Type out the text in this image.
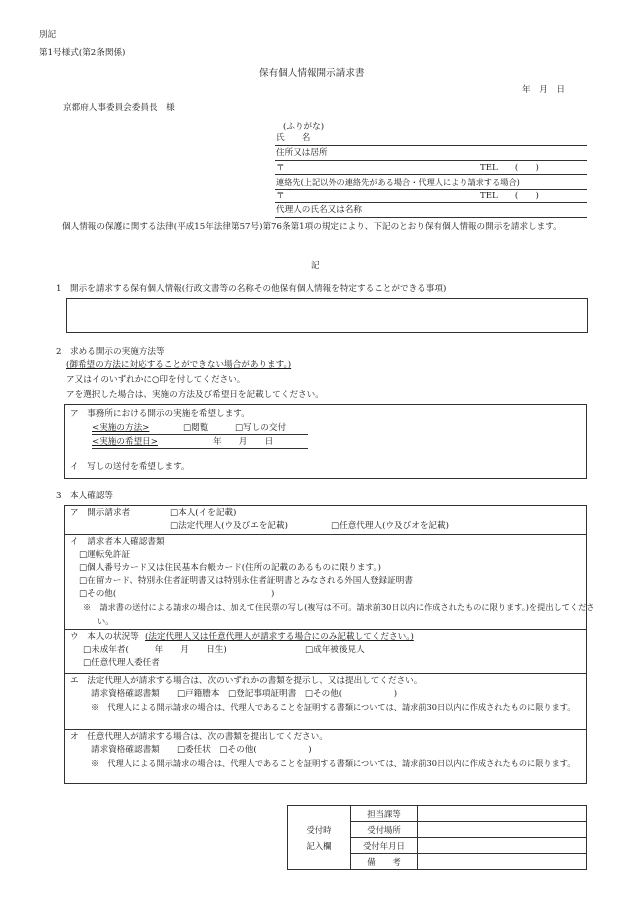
別記
第1号様式(第2条関係)
保有個人情報開示請求書
年　月　日
京都府人事委員会委員長　様
(ふりがな)
氏　　名
住所又は居所
〒	TEL　　(　　)
連絡先(上記以外の連絡先がある場合・代理人により請求する場合)
〒	TEL　　(　　)
代理人の氏名又は名称
個人情報の保護に関する法律(平成15年法律第57号)第76条第1項の規定により、下記のとおり保有個人情報の開示を請求します。
記
1　開示を請求する保有個人情報(行政文書等の名称その他保有個人情報を特定することができる事項)
2　求める開示の実施方法等
(御希望の方法に対応することができない場合があります。)
ア又はイのいずれかに○印を付してください。
アを選択した場合は、実施の方法及び希望日を記載してください。
ア　事務所における開示の実施を希望します。
<実施の方法>	□閲覧	□写しの交付
<実施の希望日>	年　　月　　日
イ　写しの送付を希望します。
3　本人確認等
ア　開示請求者	□本人(イを記載)
□法定代理人(ウ及びエを記載)	□任意代理人(ウ及びオを記載)
イ　請求者本人確認書類
□運転免許証
□個人番号カード又は住民基本台帳カード(住所の記載のあるものに限ります。)
□在留カード、特別永住者証明書又は特別永住者証明書とみなされる外国人登録証明書
□その他(　　　　　　　　　　　　　　　　　　)
※　請求書の送付による請求の場合は、加えて住民票の写し(複写は不可。請求前30日以内に作成されたものに限ります。)を提出してください。
ウ　本人の状況等 (法定代理人又は任意代理人が請求する場合にのみ記載してください。)
□未成年者(　　　年　　月　　日生)	□成年被後見人
□任意代理人委任者
エ　法定代理人が請求する場合は、次のいずれかの書類を提示し、又は提出してください。
請求資格確認書類　　□戸籍謄本　□登記事項証明書　□その他(　　　　　　)
※　代理人による開示請求の場合は、代理人であることを証明する書類については、請求前30日以内に作成されたものに限ります。
オ　任意代理人が請求する場合は、次の書類を提出してください。
請求資格確認書類　　□委任状　□その他(　　　　　　)
※　代理人による開示請求の場合は、代理人であることを証明する書類については、請求前30日以内に作成されたものに限ります。
受付時
記入欄	担当課等	
	受付場所	
	受付年月日	
	備　　考	
